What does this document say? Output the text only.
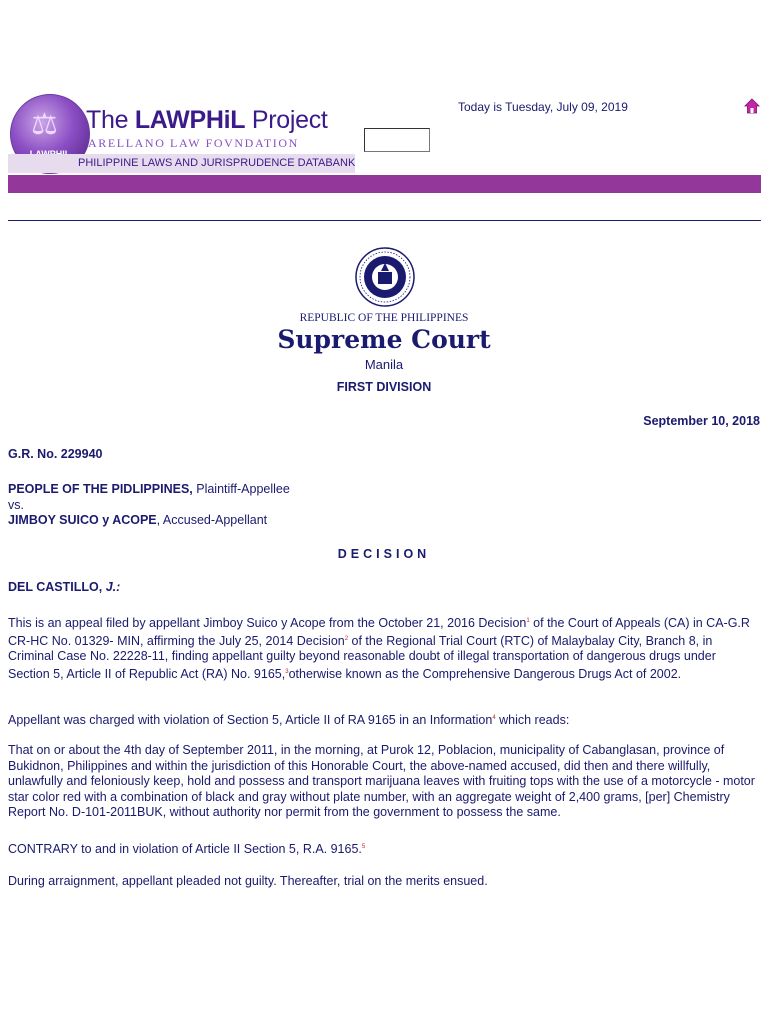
⚖ The LAWPHiL Project
ARELLANO LAW FOVNDATION
PHILIPPINE LAWS AND JURISPRUDENCE DATABANK
Today is Tuesday, July 09, 2019
REPUBLIC OF THE PHILIPPINES
Supreme Court
Manila
FIRST DIVISION
September 10, 2018
G.R. No. 229940
PEOPLE OF THE PIDLIPPINES, Plaintiff-Appellee
vs.
JIMBOY SUICO y ACOPE, Accused-Appellant
DECISION
DEL CASTILLO, J.:
This is an appeal filed by appellant Jimboy Suico y Acope from the October 21, 2016 Decision$^1$ of the Court of Appeals (CA) in CA-G.R CR-HC No. 01329- MIN, affirming the July 25, 2014 Decision$^2$ of the Regional Trial Court (RTC) of Malaybalay City, Branch 8, in Criminal Case No. 22228-11, finding appellant guilty beyond reasonable doubt of illegal transportation of dangerous drugs under Section 5, Article II of Republic Act (RA) No. 9165,$^3$otherwise known as the Comprehensive Dangerous Drugs Act of 2002.
Appellant was charged with violation of Section 5, Article II of RA 9165 in an Information$^4$ which reads:
That on or about the 4th day of September 2011, in the morning, at Purok 12, Poblacion, municipality of Cabanglasan, province of Bukidnon, Philippines and within the jurisdiction of this Honorable Court, the above-named accused, did then and there willfully, unlawfully and feloniously keep, hold and possess and transport marijuana leaves with fruiting tops with the use of a motorcycle - motor star color red with a combination of black and gray without plate number, with an aggregate weight of 2,400 grams, [per] Chemistry Report No. D-101-2011BUK, without authority nor permit from the government to possess the same.
CONTRARY to and in violation of Article II Section 5, R.A. 9165.$^5$
During arraignment, appellant pleaded not guilty. Thereafter, trial on the merits ensued.
